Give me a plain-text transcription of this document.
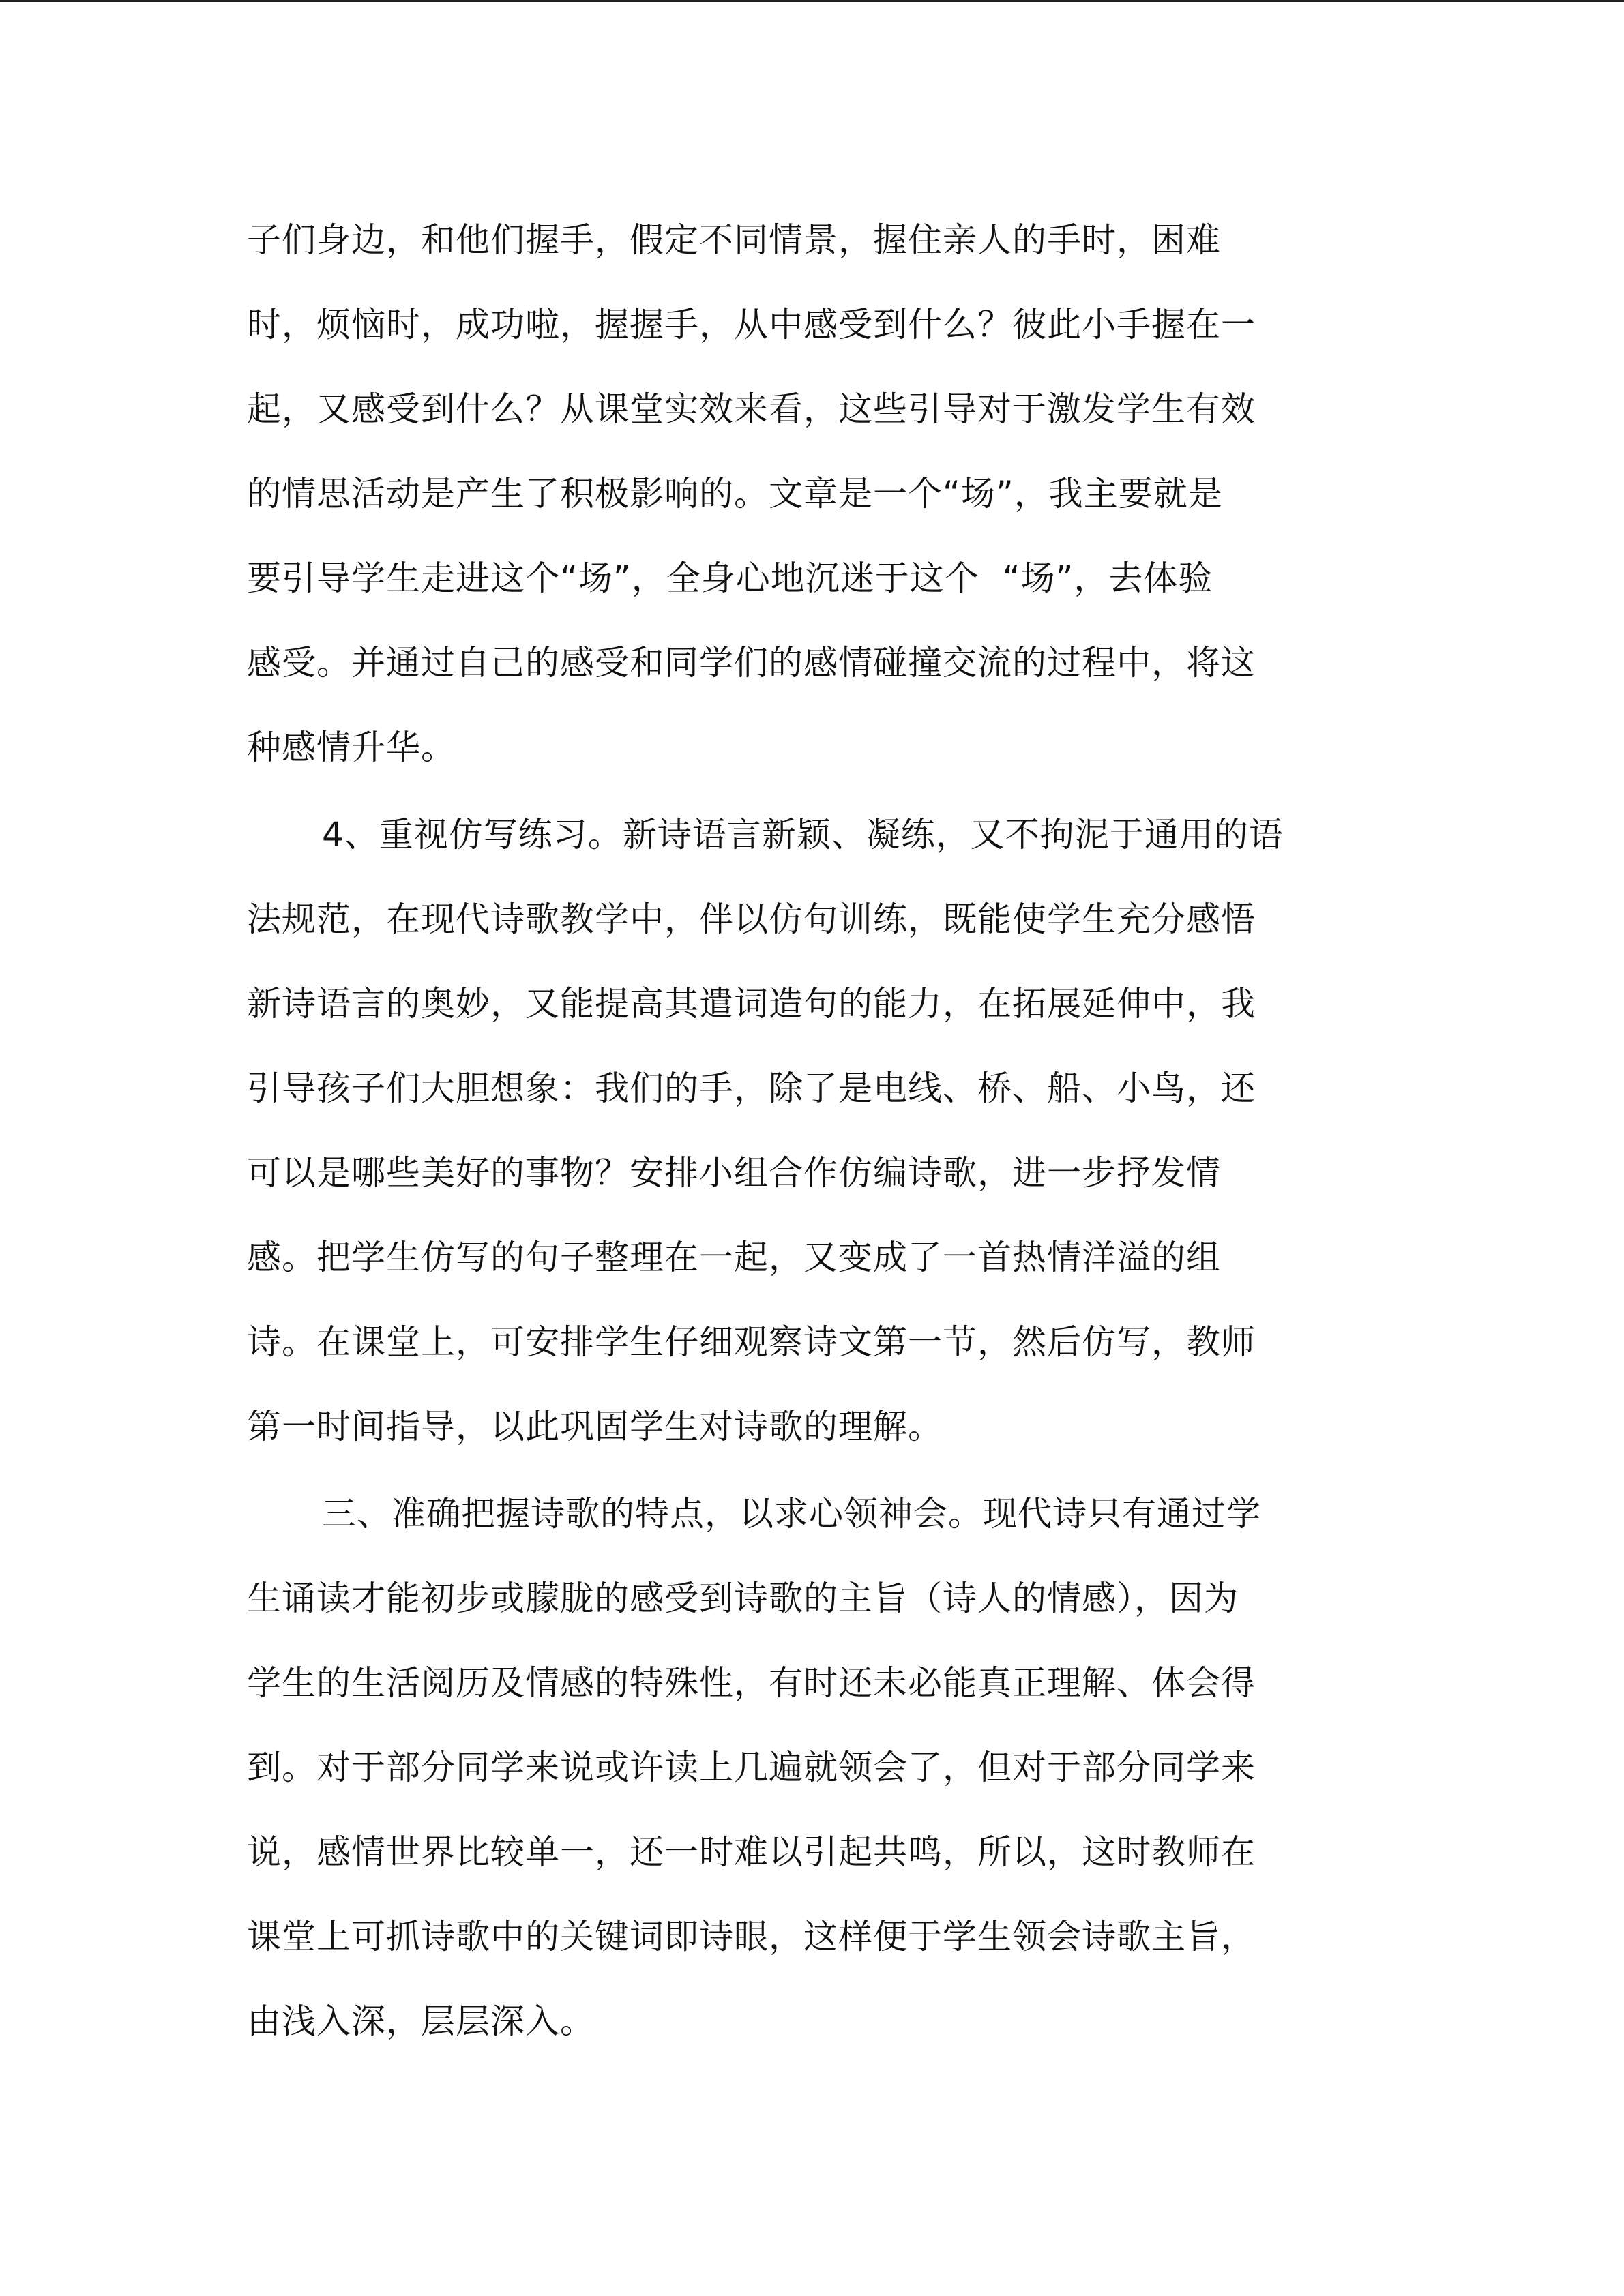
子们身边，和他们握手，假定不同情景，握住亲人的手时，困难
时，烦恼时，成功啦，握握手，从中感受到什么？彼此小手握在一
起，又感受到什么？从课堂实效来看，这些引导对于激发学生有效
的情思活动是产生了积极影响的。文章是一个“场”，我主要就是
要引导学生走进这个“场”，全身心地沉迷于这个  “场”，去体验
感受。并通过自己的感受和同学们的感情碰撞交流的过程中，将这
种感情升华。
4、重视仿写练习。新诗语言新颖、凝练，又不拘泥于通用的语
法规范，在现代诗歌教学中，伴以仿句训练，既能使学生充分感悟
新诗语言的奥妙，又能提高其遣词造句的能力，在拓展延伸中，我
引导孩子们大胆想象：我们的手，除了是电线、桥、船、小鸟，还
可以是哪些美好的事物？安排小组合作仿编诗歌，进一步抒发情
感。把学生仿写的句子整理在一起，又变成了一首热情洋溢的组
诗。在课堂上，可安排学生仔细观察诗文第一节，然后仿写，教师
第一时间指导，以此巩固学生对诗歌的理解。
三、准确把握诗歌的特点，以求心领神会。现代诗只有通过学
生诵读才能初步或朦胧的感受到诗歌的主旨（诗人的情感），因为
学生的生活阅历及情感的特殊性，有时还未必能真正理解、体会得
到。对于部分同学来说或许读上几遍就领会了，但对于部分同学来
说，感情世界比较单一，还一时难以引起共鸣，所以，这时教师在
课堂上可抓诗歌中的关键词即诗眼，这样便于学生领会诗歌主旨，
由浅入深，层层深入。
